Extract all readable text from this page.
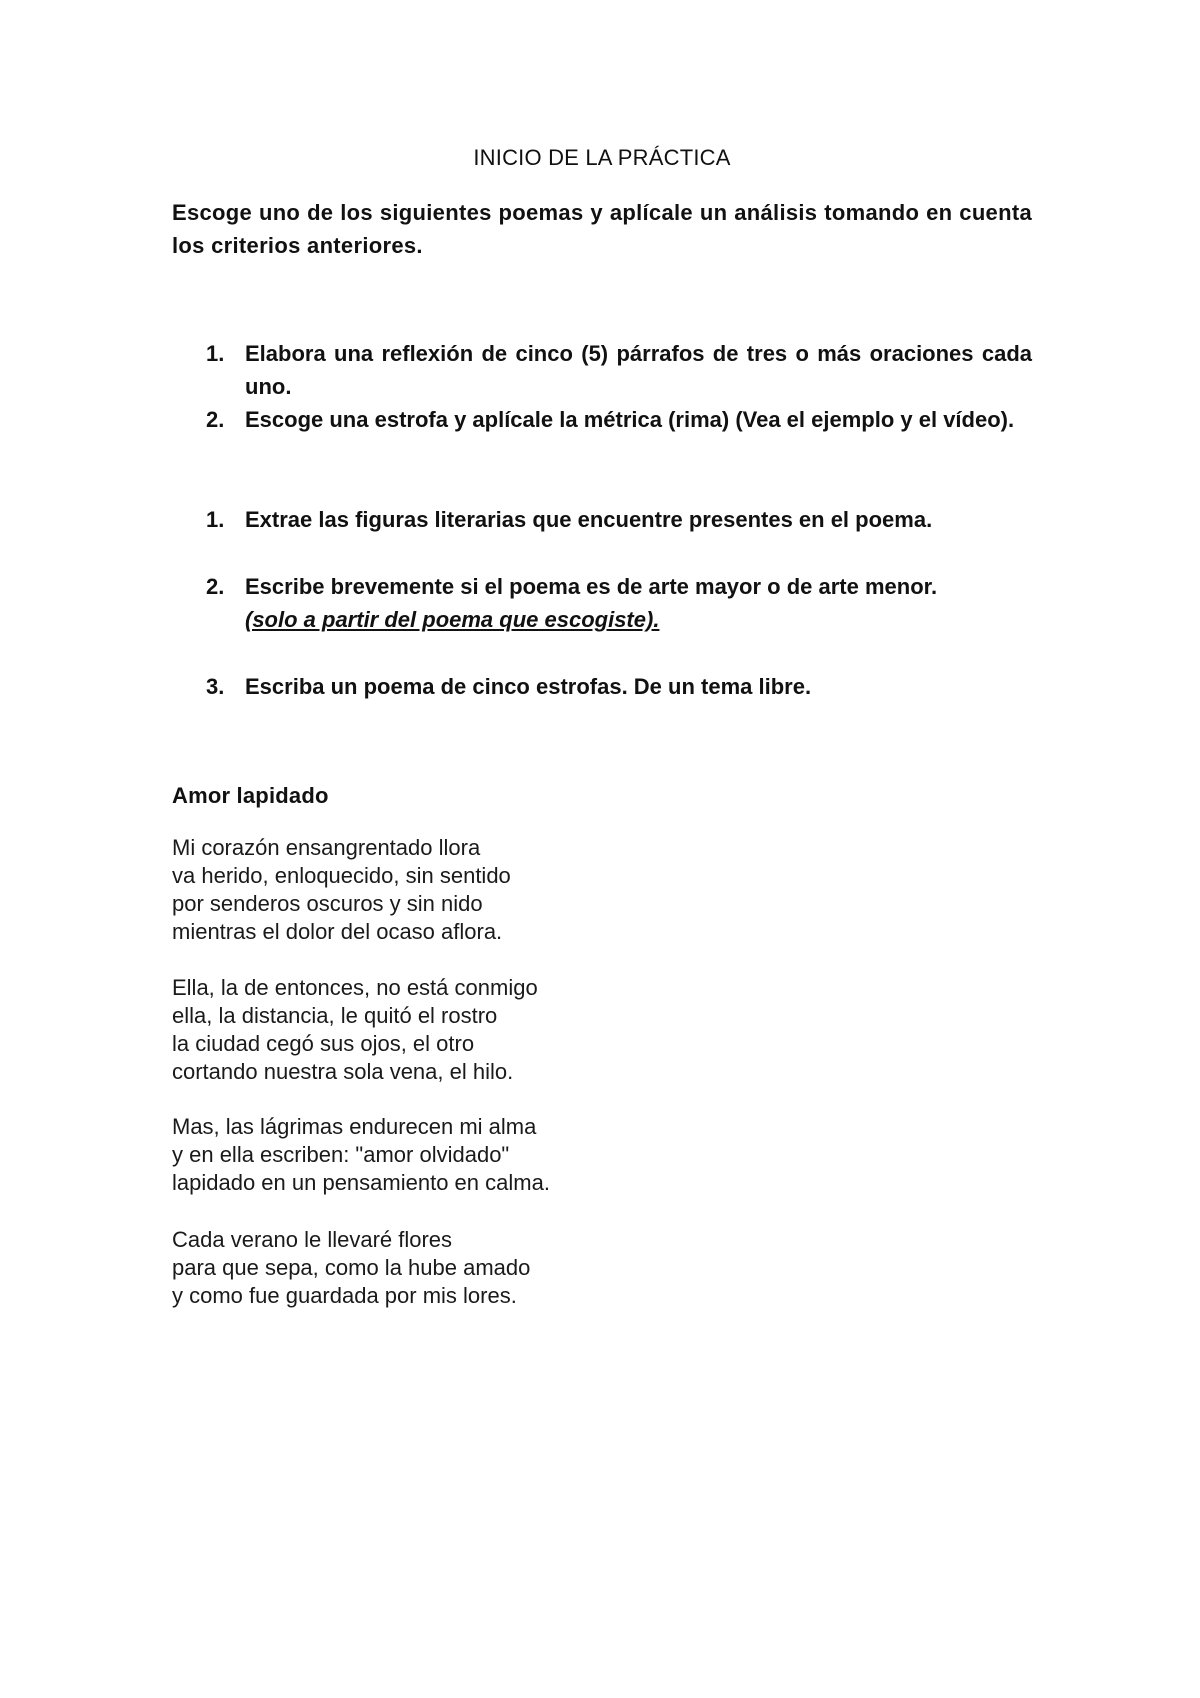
INICIO DE LA PRÁCTICA
Escoge uno de los siguientes poemas y aplícale un análisis tomando en cuenta los criterios anteriores.
1. Elabora una reflexión de cinco (5) párrafos de tres o más oraciones cada uno.
2. Escoge una estrofa y aplícale la métrica (rima) (Vea el ejemplo y el vídeo).
1. Extrae las figuras literarias que encuentre presentes en el poema.
2. Escribe brevemente si el poema es de arte mayor o de arte menor.
(solo a partir del poema que escogiste).
3. Escriba un poema de cinco estrofas. De un tema libre.
Amor lapidado
Mi corazón ensangrentado llora
va herido, enloquecido, sin sentido
por senderos oscuros y sin nido
mientras el dolor del ocaso aflora.
Ella, la de entonces, no está conmigo
ella, la distancia, le quitó el rostro
la ciudad cegó sus ojos, el otro
cortando nuestra sola vena, el hilo.
Mas, las lágrimas endurecen mi alma
y en ella escriben: "amor olvidado"
lapidado en un pensamiento en calma.
Cada verano le llevaré flores
para que sepa, como la hube amado
y como fue guardada por mis lores.
